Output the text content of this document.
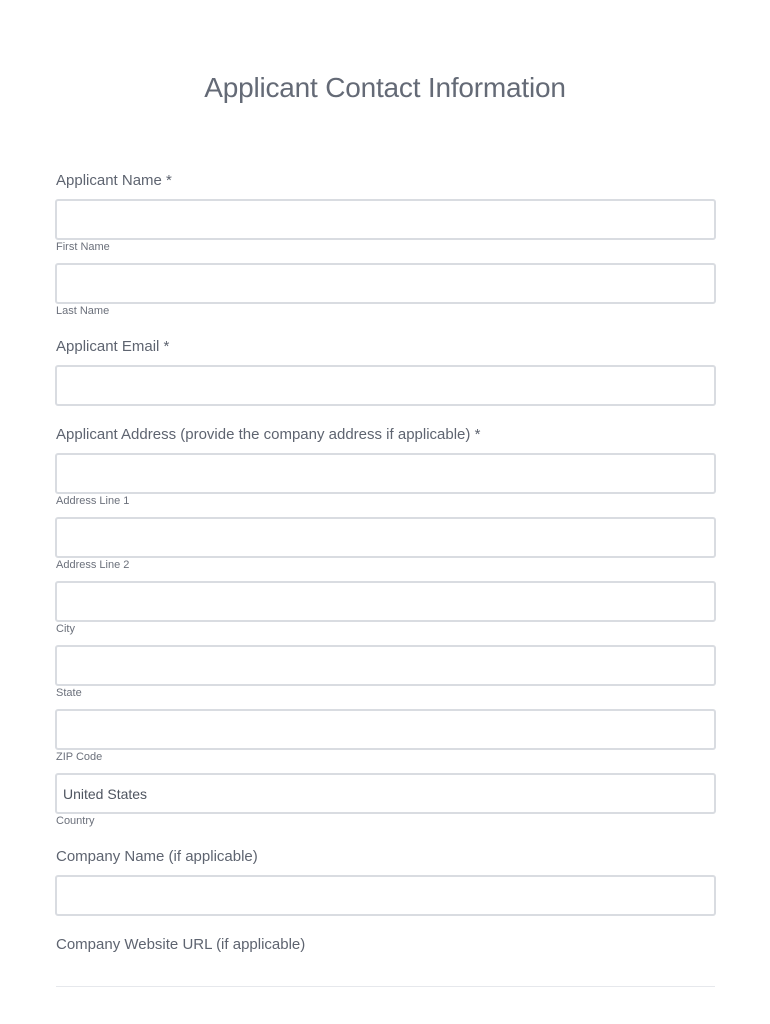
Applicant Contact Information
Applicant Name *
First Name
Last Name
Applicant Email *
Applicant Address (provide the company address if applicable) *
Address Line 1
Address Line 2
City
State
ZIP Code
United States
Country
Company Name (if applicable)
Company Website URL (if applicable)
